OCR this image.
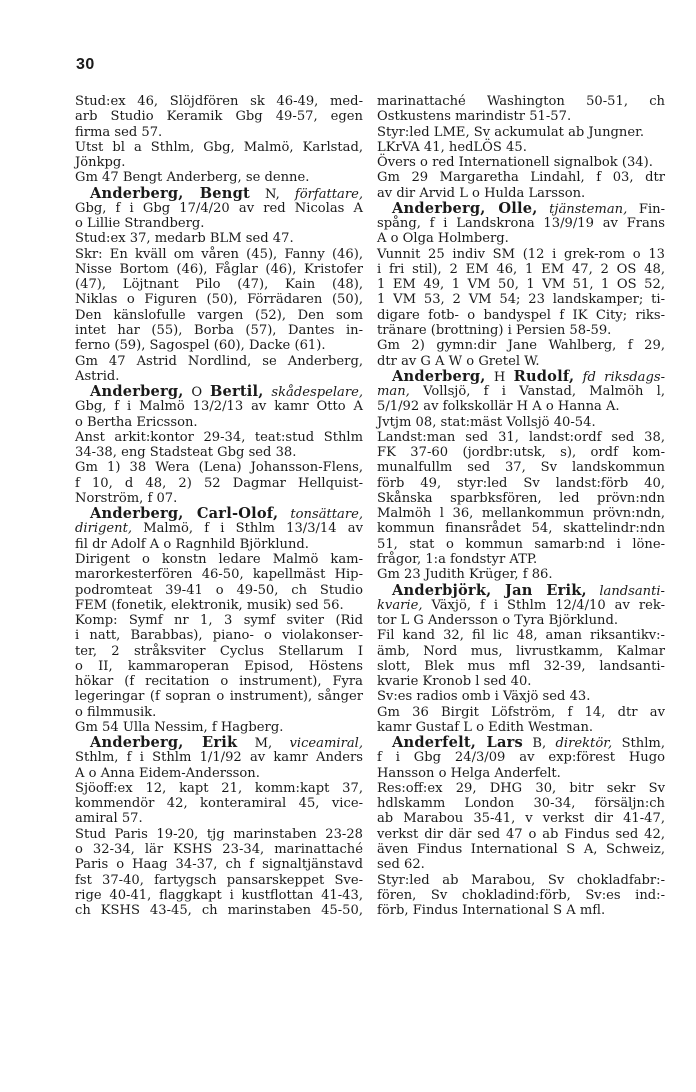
30
Stud:ex 46, Slöjdfören sk 46-49, med-
arb Studio Keramik Gbg 49-57, egen
firma sed 57.
Utst bl a Sthlm, Gbg, Malmö, Karlstad,
Jönkpg.
Gm 47 Bengt Anderberg, se denne.
Anderberg, Bengt N, författare,
Gbg, f i Gbg 17/4/20 av red Nicolas A
o Lillie Strandberg.
Stud:ex 37, medarb BLM sed 47.
Skr: En kväll om våren (45), Fanny (46),
Nisse Bortom (46), Fåglar (46), Kristofer
(47), Löjtnant Pilo (47), Kain (48),
Niklas o Figuren (50), Förrädaren (50),
Den känslofulle vargen (52), Den som
intet har (55), Borba (57), Dantes in-
ferno (59), Sagospel (60), Dacke (61).
Gm 47 Astrid Nordlind, se Anderberg,
Astrid.
Anderberg, O Bertil, skådespelare,
Gbg, f i Malmö 13/2/13 av kamr Otto A
o Bertha Ericsson.
Anst arkit:kontor 29-34, teat:stud Sthlm
34-38, eng Stadsteat Gbg sed 38.
Gm 1) 38 Wera (Lena) Johansson-Flens,
f 10, d 48, 2) 52 Dagmar Hellquist-
Norström, f 07.
Anderberg, Carl-Olof, tonsättare,
dirigent, Malmö, f i Sthlm 13/3/14 av
fil dr Adolf A o Ragnhild Björklund.
Dirigent o konstn ledare Malmö kam-
marorkesterfören 46-50, kapellmäst Hip-
podromteat 39-41 o 49-50, ch Studio
FEM (fonetik, elektronik, musik) sed 56.
Komp: Symf nr 1, 3 symf sviter (Rid
i natt, Barabbas), piano- o violakonser-
ter, 2 stråksviter Cyclus Stellarum I
o II, kammaroperan Episod, Höstens
hökar (f recitation o instrument), Fyra
legeringar (f sopran o instrument), sånger
o filmmusik.
Gm 54 Ulla Nessim, f Hagberg.
Anderberg, Erik M, viceamiral,
Sthlm, f i Sthlm 1/1/92 av kamr Anders
A o Anna Eidem-Andersson.
Sjöoff:ex 12, kapt 21, komm:kapt 37,
kommendör 42, konteramiral 45, vice-
amiral 57.
Stud Paris 19-20, tjg marinstaben 23-28
o 32-34, lär KSHS 23-34, marinattaché
Paris o Haag 34-37, ch f signaltjänstavd
fst 37-40, fartygsch pansarskeppet Sve-
rige 40-41, flaggkapt i kustflottan 41-43,
ch KSHS 43-45, ch marinstaben 45-50,
marinattaché Washington 50-51, ch
Ostkustens marindistr 51-57.
Styr:led LME, Sv ackumulat ab Jungner.
LKrVA 41, hedLÖS 45.
Övers o red Internationell signalbok (34).
Gm 29 Margaretha Lindahl, f 03, dtr
av dir Arvid L o Hulda Larsson.
Anderberg, Olle, tjänsteman, Fin-
spång, f i Landskrona 13/9/19 av Frans
A o Olga Holmberg.
Vunnit 25 indiv SM (12 i grek-rom o 13
i fri stil), 2 EM 46, 1 EM 47, 2 OS 48,
1 EM 49, 1 VM 50, 1 VM 51, 1 OS 52,
1 VM 53, 2 VM 54; 23 landskamper; ti-
digare fotb- o bandyspel f IK City; riks-
tränare (brottning) i Persien 58-59.
Gm 2) gymn:dir Jane Wahlberg, f 29,
dtr av G A W o Gretel W.
Anderberg, H Rudolf, fd riksdags-
man, Vollsjö, f i Vanstad, Malmöh l,
5/1/92 av folkskollär H A o Hanna A.
Jvtjm 08, stat:mäst Vollsjö 40-54.
Landst:man sed 31, landst:ordf sed 38,
FK 37-60 (jordbr:utsk, s), ordf kom-
munalfullm sed 37, Sv landskommun
förb 49, styr:led Sv landst:förb 40,
Skånska sparbksfören, led prövn:ndn
Malmöh l 36, mellankommun prövn:ndn,
kommun finansrådet 54, skattelindr:ndn
51, stat o kommun samarb:nd i löne-
frågor, 1:a fondstyr ATP.
Gm 23 Judith Krüger, f 86.
Anderbjörk, Jan Erik, landsanti-
kvarie, Växjö, f i Sthlm 12/4/10 av rek-
tor L G Andersson o Tyra Björklund.
Fil kand 32, fil lic 48, aman riksantikv:-
ämb, Nord mus, livrustkamm, Kalmar
slott, Blek mus mfl 32-39, landsanti-
kvarie Kronob l sed 40.
Sv:es radios omb i Växjö sed 43.
Gm 36 Birgit Löfström, f 14, dtr av
kamr Gustaf L o Edith Westman.
Anderfelt, Lars B, direktör, Sthlm,
f i Gbg 24/3/09 av exp:förest Hugo
Hansson o Helga Anderfelt.
Res:off:ex 29, DHG 30, bitr sekr Sv
hdlskamm London 30-34, försäljn:ch
ab Marabou 35-41, v verkst dir 41-47,
verkst dir där sed 47 o ab Findus sed 42,
även Findus International S A, Schweiz,
sed 62.
Styr:led ab Marabou, Sv chokladfabr:-
fören, Sv chokladind:förb, Sv:es ind:-
förb, Findus International S A mfl.
